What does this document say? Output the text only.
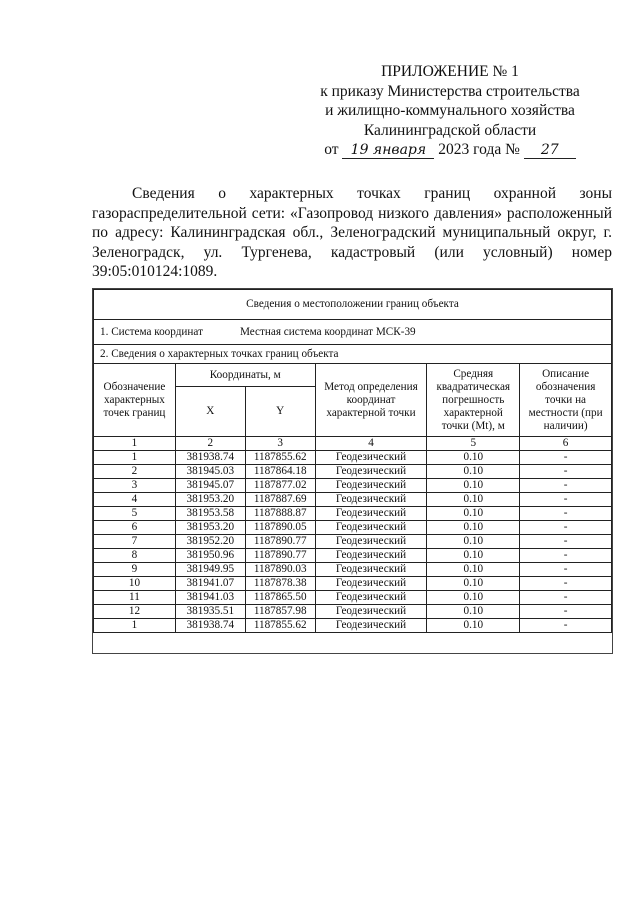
ПРИЛОЖЕНИЕ № 1
к приказу Министерства строительства
и жилищно-коммунального хозяйства
Калининградской области
от 19 января 2023 года № 27

Сведения о характерных точках границ охранной зоны газораспределительной сети: «Газопровод низкого давления» расположенный по адресу: Калининградская обл., Зеленоградский муниципальный округ, г. Зеленоградск, ул. Тургенева, кадастровый (или условный) номер 39:05:010124:1089.

Сведения о местоположении границ объекта					
1. Система координат Местная система координат МСК-39					
2. Сведения о характерных точках границ объекта					
Обозначение характерных точек границ	Координаты, м		Метод определения координат характерной точки	Средняя квадратическая погрешность характерной точки (Mt), м	Описание обозначения точки на местности (при наличии)
	X	Y			
1	2	3	4	5	6
1	381938.74	1187855.62	Геодезический	0.10	-
2	381945.03	1187864.18	Геодезический	0.10	-
3	381945.07	1187877.02	Геодезический	0.10	-
4	381953.20	1187887.69	Геодезический	0.10	-
5	381953.58	1187888.87	Геодезический	0.10	-
6	381953.20	1187890.05	Геодезический	0.10	-
7	381952.20	1187890.77	Геодезический	0.10	-
8	381950.96	1187890.77	Геодезический	0.10	-
9	381949.95	1187890.03	Геодезический	0.10	-
10	381941.07	1187878.38	Геодезический	0.10	-
11	381941.03	1187865.50	Геодезический	0.10	-
12	381935.51	1187857.98	Геодезический	0.10	-
1	381938.74	1187855.62	Геодезический	0.10	-
